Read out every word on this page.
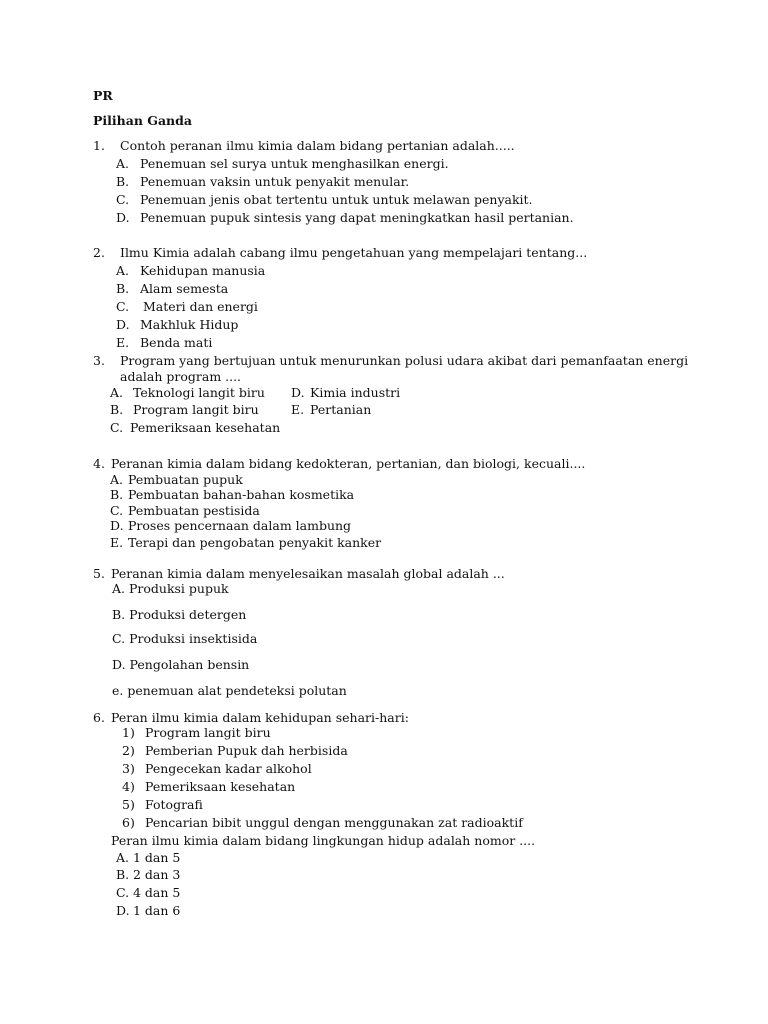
PR
Pilihan Ganda
1. Contoh peranan ilmu kimia dalam bidang pertanian adalah.....
A. Penemuan sel surya untuk menghasilkan energi.
B. Penemuan vaksin untuk penyakit menular.
C. Penemuan jenis obat tertentu untuk untuk melawan penyakit.
D. Penemuan pupuk sintesis yang dapat meningkatkan hasil pertanian.
2. Ilmu Kimia adalah cabang ilmu pengetahuan yang mempelajari tentang...
A. Kehidupan manusia
B. Alam semesta
C. Materi dan energi
D. Makhluk Hidup
E. Benda mati
3. Program yang bertujuan untuk menurunkan polusi udara akibat dari pemanfaatan energi
adalah program ....
A. Teknologi langit biru D. Kimia industri
B. Program langit biru	E. Pertanian
C. Pemeriksaan kesehatan
4. Peranan kimia dalam bidang kedokteran, pertanian, dan biologi, kecuali....
A. Pembuatan pupuk
B. Pembuatan bahan-bahan kosmetika
C. Pembuatan pestisida
D. Proses pencernaan dalam lambung
E. Terapi dan pengobatan penyakit kanker
5. Peranan kimia dalam menyelesaikan masalah global adalah ...
A. Produksi pupuk
B. Produksi detergen
C. Produksi insektisida
D. Pengolahan bensin
e. penemuan alat pendeteksi polutan
6. Peran ilmu kimia dalam kehidupan sehari-hari:
1) Program langit biru
2) Pemberian Pupuk dah herbisida
3) Pengecekan kadar alkohol
4) Pemeriksaan kesehatan
5) Fotografi
6) Pencarian bibit unggul dengan menggunakan zat radioaktif
Peran ilmu kimia dalam bidang lingkungan hidup adalah nomor ....
A. 1 dan 5
B. 2 dan 3
C. 4 dan 5
D. 1 dan 6
